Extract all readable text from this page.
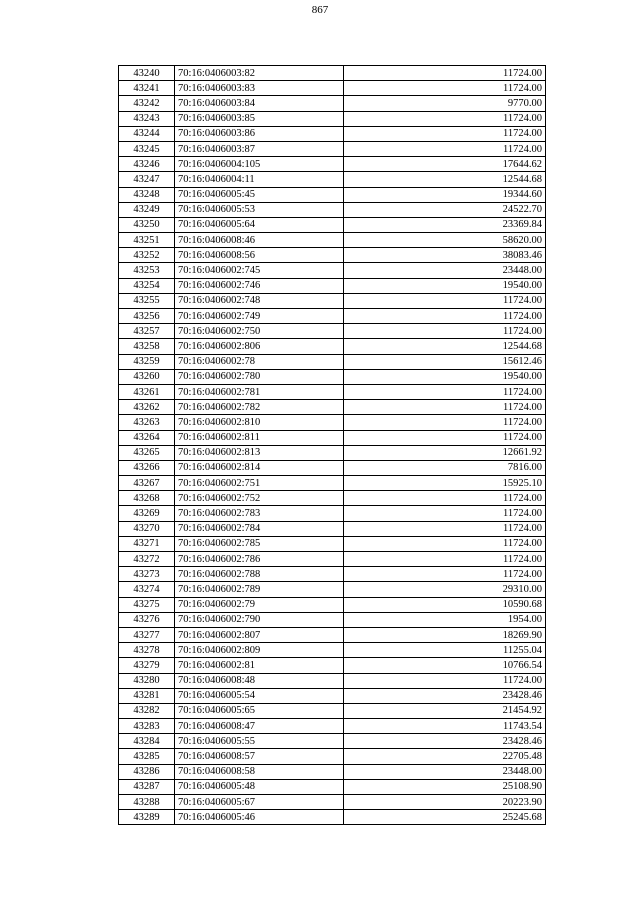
867
43240	70:16:0406003:82	11724.00
43241	70:16:0406003:83	11724.00
43242	70:16:0406003:84	9770.00
43243	70:16:0406003:85	11724.00
43244	70:16:0406003:86	11724.00
43245	70:16:0406003:87	11724.00
43246	70:16:0406004:105	17644.62
43247	70:16:0406004:11	12544.68
43248	70:16:0406005:45	19344.60
43249	70:16:0406005:53	24522.70
43250	70:16:0406005:64	23369.84
43251	70:16:0406008:46	58620.00
43252	70:16:0406008:56	38083.46
43253	70:16:0406002:745	23448.00
43254	70:16:0406002:746	19540.00
43255	70:16:0406002:748	11724.00
43256	70:16:0406002:749	11724.00
43257	70:16:0406002:750	11724.00
43258	70:16:0406002:806	12544.68
43259	70:16:0406002:78	15612.46
43260	70:16:0406002:780	19540.00
43261	70:16:0406002:781	11724.00
43262	70:16:0406002:782	11724.00
43263	70:16:0406002:810	11724.00
43264	70:16:0406002:811	11724.00
43265	70:16:0406002:813	12661.92
43266	70:16:0406002:814	7816.00
43267	70:16:0406002:751	15925.10
43268	70:16:0406002:752	11724.00
43269	70:16:0406002:783	11724.00
43270	70:16:0406002:784	11724.00
43271	70:16:0406002:785	11724.00
43272	70:16:0406002:786	11724.00
43273	70:16:0406002:788	11724.00
43274	70:16:0406002:789	29310.00
43275	70:16:0406002:79	10590.68
43276	70:16:0406002:790	1954.00
43277	70:16:0406002:807	18269.90
43278	70:16:0406002:809	11255.04
43279	70:16:0406002:81	10766.54
43280	70:16:0406008:48	11724.00
43281	70:16:0406005:54	23428.46
43282	70:16:0406005:65	21454.92
43283	70:16:0406008:47	11743.54
43284	70:16:0406005:55	23428.46
43285	70:16:0406008:57	22705.48
43286	70:16:0406008:58	23448.00
43287	70:16:0406005:48	25108.90
43288	70:16:0406005:67	20223.90
43289	70:16:0406005:46	25245.68
